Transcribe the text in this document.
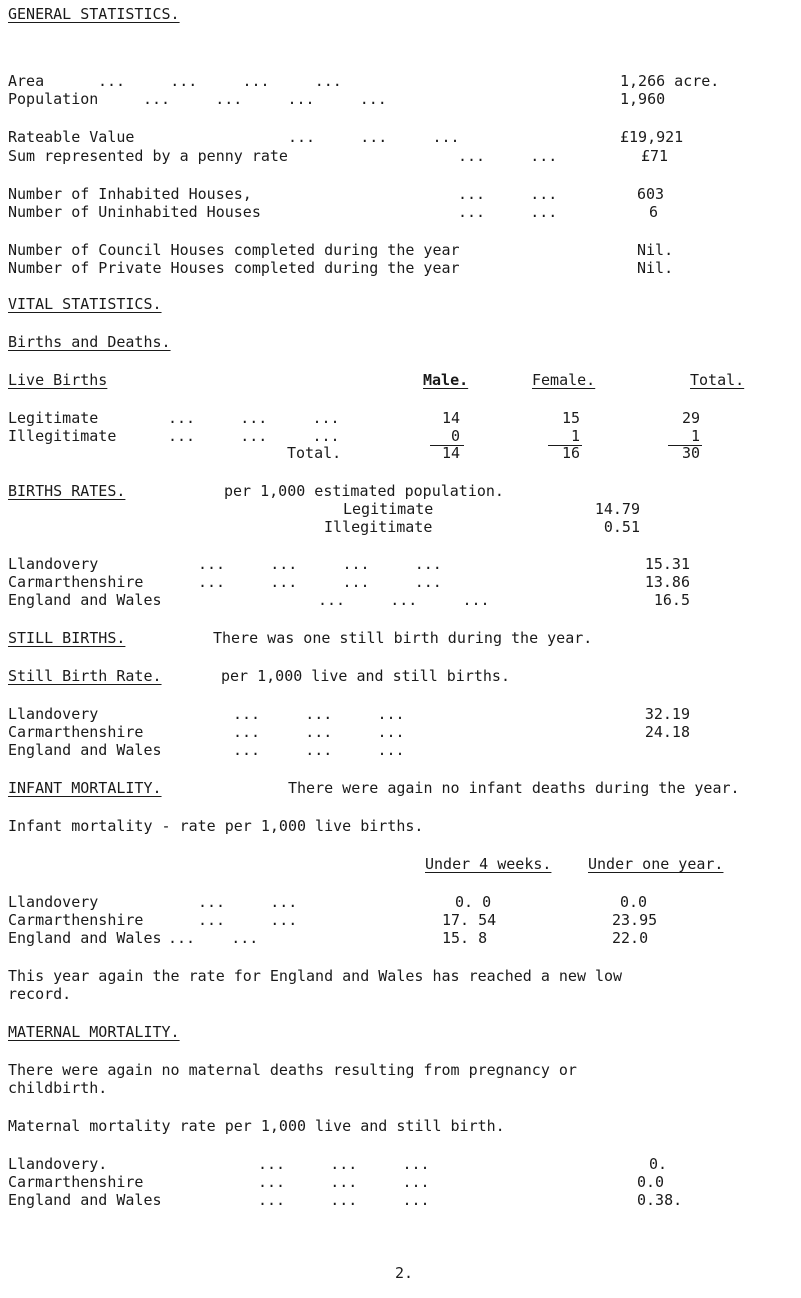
GENERAL STATISTICS.
Area	...     ...     ...     ...	1,266 acre.
Population	...     ...     ...     ...	1,960
Rateable Value	...     ...     ...	£19,921
Sum represented by a penny rate	...     ...	£71
Number of Inhabited Houses,	...     ...	603
Number of Uninhabited Houses	...     ...	6
Number of Council Houses completed during the year	Nil.
Number of Private Houses completed during the year	Nil.
VITAL STATISTICS.
Births and Deaths.
Live Births	Male.	Female.	Total.
Legitimate	...     ...     ...	14	15	29
Illegitimate	...     ...     ...	0	1	1
Total.	14	16	30
BIRTHS RATES.	per 1,000 estimated population.
Legitimate	14.79
Illegitimate	0.51
Llandovery	...     ...     ...     ...	15.31
Carmarthenshire	...     ...     ...     ...	13.86
England and Wales	...     ...     ...	16.5
STILL BIRTHS.	There was one still birth during the year.
Still Birth Rate.	per 1,000 live and still births.
Llandovery	...     ...     ...	32.19
Carmarthenshire	...     ...     ...	24.18
England and Wales	...     ...     ...
INFANT MORTALITY.	There were again no infant deaths during the year.
Infant mortality - rate per 1,000 live births.
Under 4 weeks. Under one year.
Llandovery	...     ...	0. 0	0.0
Carmarthenshire	...     ...	17. 54	23.95
England and Wales ...    ...	15. 8	22.0
This year again the rate for England and Wales has reached a new low
record.
MATERNAL MORTALITY.
There were again no maternal deaths resulting from pregnancy or
childbirth.
Maternal mortality rate per 1,000 live and still birth.
Llandovery.	...     ...     ...	0.
Carmarthenshire	...     ...     ...	0.0
England and Wales	...     ...     ...	0.38.
2.
